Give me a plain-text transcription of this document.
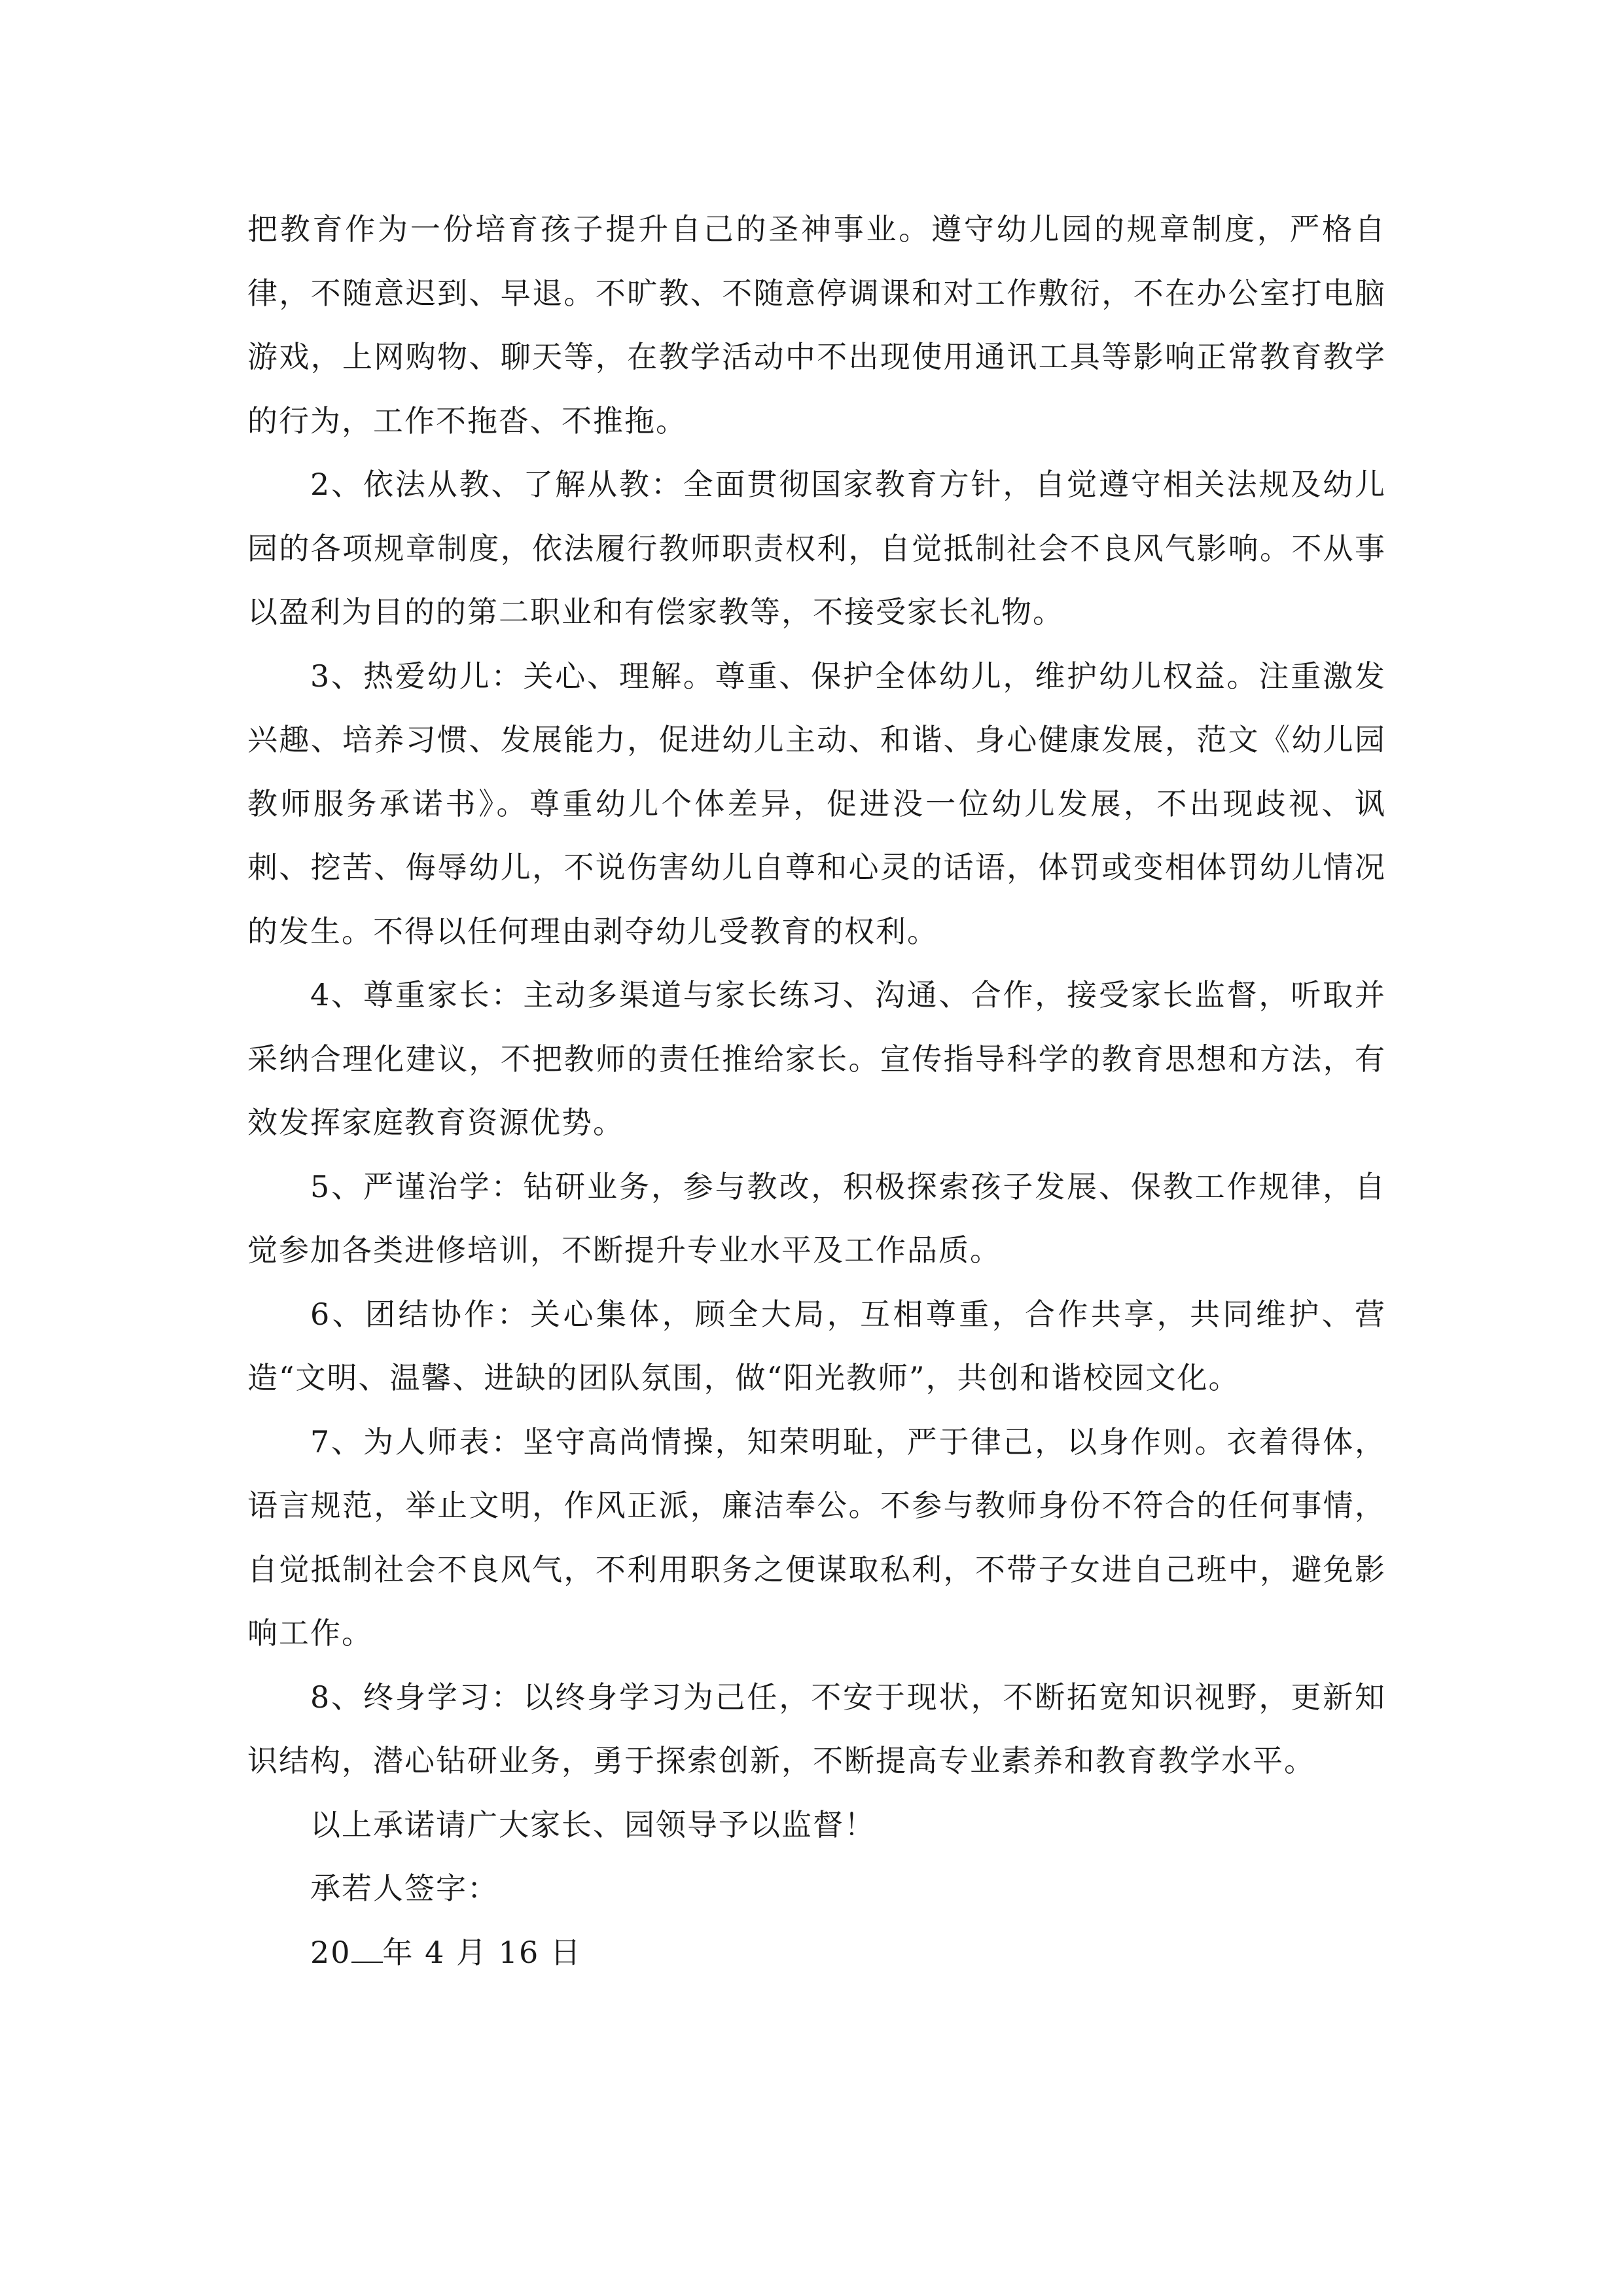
把教育作为一份培育孩子提升自己的圣神事业。遵守幼儿园的规章制度，严格自律，不随意迟到、早退。不旷教、不随意停调课和对工作敷衍，不在办公室打电脑游戏，上网购物、聊天等，在教学活动中不出现使用通讯工具等影响正常教育教学的行为，工作不拖沓、不推拖。

2、依法从教、了解从教：全面贯彻国家教育方针，自觉遵守相关法规及幼儿园的各项规章制度，依法履行教师职责权利，自觉抵制社会不良风气影响。不从事以盈利为目的的第二职业和有偿家教等，不接受家长礼物。

3、热爱幼儿：关心、理解。尊重、保护全体幼儿，维护幼儿权益。注重激发兴趣、培养习惯、发展能力，促进幼儿主动、和谐、身心健康发展，范文《幼儿园教师服务承诺书》。尊重幼儿个体差异，促进没一位幼儿发展，不出现歧视、讽刺、挖苦、侮辱幼儿，不说伤害幼儿自尊和心灵的话语，体罚或变相体罚幼儿情况的发生。不得以任何理由剥夺幼儿受教育的权利。

4、尊重家长：主动多渠道与家长练习、沟通、合作，接受家长监督，听取并采纳合理化建议，不把教师的责任推给家长。宣传指导科学的教育思想和方法，有效发挥家庭教育资源优势。

5、严谨治学：钻研业务，参与教改，积极探索孩子发展、保教工作规律，自觉参加各类进修培训，不断提升专业水平及工作品质。

6、团结协作：关心集体，顾全大局，互相尊重，合作共享，共同维护、营造“文明、温馨、进缺的团队氛围，做“阳光教师”，共创和谐校园文化。

7、为人师表：坚守高尚情操，知荣明耻，严于律己，以身作则。衣着得体，语言规范，举止文明，作风正派，廉洁奉公。不参与教师身份不符合的任何事情，自觉抵制社会不良风气，不利用职务之便谋取私利，不带子女进自己班中，避免影响工作。

8、终身学习：以终身学习为己任，不安于现状，不断拓宽知识视野，更新知识结构，潜心钻研业务，勇于探索创新，不断提高专业素养和教育教学水平。

以上承诺请广大家长、园领导予以监督！

承若人签字：

20 年 4 月 16 日
